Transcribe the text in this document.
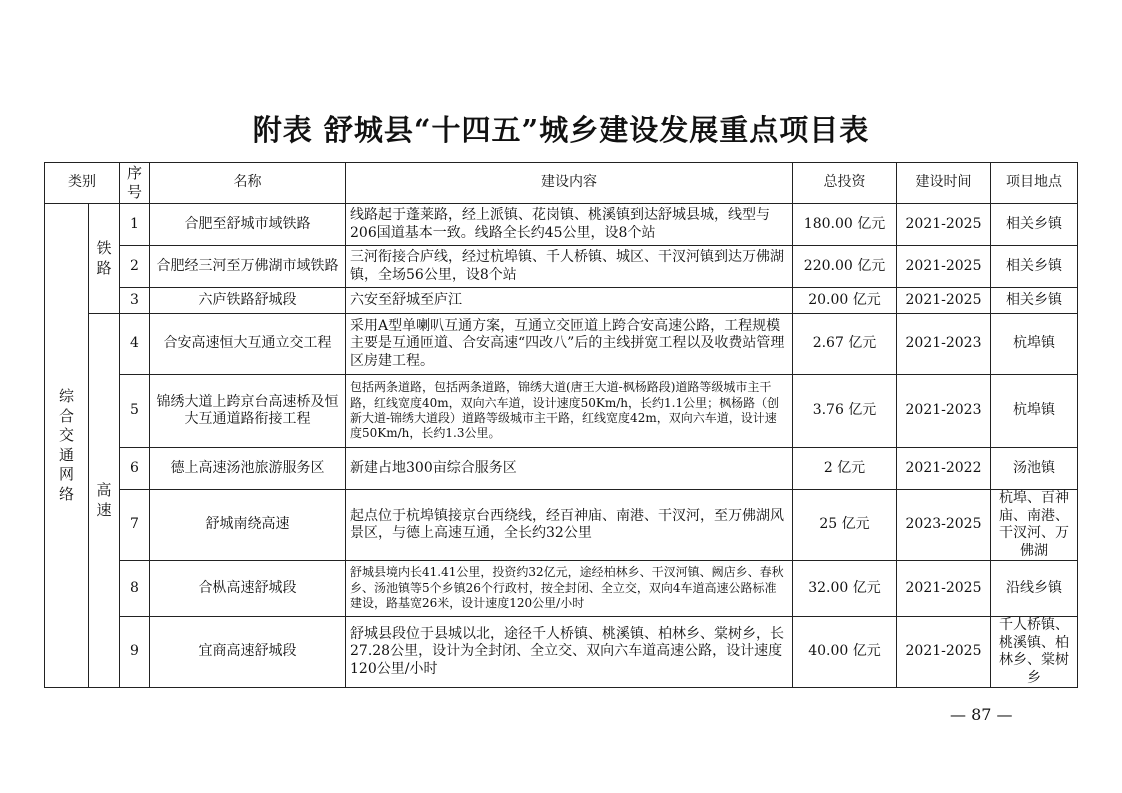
附表 舒城县“十四五”城乡建设发展重点项目表
类别		序号	名称	建设内容	总投资	建设时间	项目地点
综合交通网络	铁路	1	合肥至舒城市域铁路	线路起于蓬莱路，经上派镇、花岗镇、桃溪镇到达舒城县城，线型与206国道基本一致。线路全长约45公里，设8个站	180.00 亿元	2021-2025	相关乡镇
		2	合肥经三河至万佛湖市域铁路	三河衔接合庐线，经过杭埠镇、千人桥镇、城区、干汊河镇到达万佛湖镇，全场56公里，设8个站	220.00 亿元	2021-2025	相关乡镇
		3	六庐铁路舒城段	六安至舒城至庐江	20.00 亿元	2021-2025	相关乡镇
	高速	4	合安高速恒大互通立交工程	采用A型单喇叭互通方案，互通立交匝道上跨合安高速公路，工程规模主要是互通匝道、合安高速“四改八”后的主线拼宽工程以及收费站管理区房建工程。	2.67 亿元	2021-2023	杭埠镇
		5	锦绣大道上跨京台高速桥及恒大互通道路衔接工程	包括两条道路，包括两条道路，锦绣大道(唐王大道-枫杨路段)道路等级城市主干路，红线宽度40m，双向六车道，设计速度50Km/h，长约1.1公里；枫杨路（创新大道-锦绣大道段）道路等级城市主干路，红线宽度42m，双向六车道，设计速度50Km/h，长约1.3公里。	3.76 亿元	2021-2023	杭埠镇
		6	德上高速汤池旅游服务区	新建占地300亩综合服务区	2 亿元	2021-2022	汤池镇
		7	舒城南绕高速	起点位于杭埠镇接京台西绕线，经百神庙、南港、干汊河，至万佛湖风景区，与德上高速互通，全长约32公里	25 亿元	2023-2025	杭埠、百神庙、南港、干汊河、万佛湖
		8	合枞高速舒城段	舒城县境内长41.41公里，投资约32亿元，途经柏林乡、干汊河镇、阙店乡、春秋乡、汤池镇等5个乡镇26个行政村，按全封闭、全立交，双向4车道高速公路标准建设，路基宽26米，设计速度120公里/小时	32.00 亿元	2021-2025	沿线乡镇
		9	宜商高速舒城段	舒城县段位于县城以北，途径千人桥镇、桃溪镇、柏林乡、棠树乡，长27.28公里，设计为全封闭、全立交、双向六车道高速公路，设计速度120公里/小时	40.00 亿元	2021-2025	千人桥镇、桃溪镇、柏林乡、棠树乡
— 87 —
